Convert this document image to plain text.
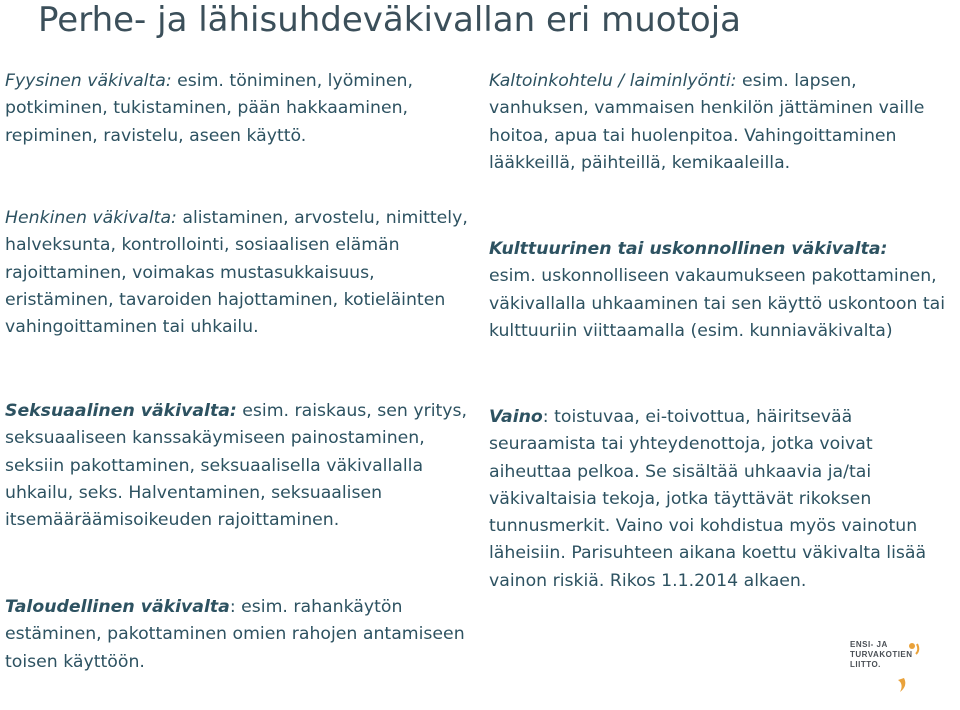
Perhe- ja lähisuhdeväkivallan eri muotoja

Fyysinen väkivalta: esim. töniminen, lyöminen, potkiminen, tukistaminen, pään hakkaaminen, repiminen, ravistelu, aseen käyttö.

Henkinen väkivalta: alistaminen, arvostelu, nimittely, halveksunta, kontrollointi, sosiaalisen elämän rajoittaminen, voimakas mustasukkaisuus, eristäminen, tavaroiden hajottaminen, kotieläinten vahingoittaminen tai uhkailu.

Seksuaalinen väkivalta: esim. raiskaus, sen yritys, seksuaaliseen kanssakäymiseen painostaminen, seksiin pakottaminen, seksuaalisella väkivallalla uhkailu, seks. Halventaminen, seksuaalisen itsemääräämisoikeuden rajoittaminen.

Taloudellinen väkivalta: esim. rahankäytön estäminen, pakottaminen omien rahojen antamiseen toisen käyttöön.

Kaltoinkohtelu / laiminlyönti: esim. lapsen, vanhuksen, vammaisen henkilön jättäminen vaille hoitoa, apua tai huolenpitoa. Vahingoittaminen lääkkeillä, päihteillä, kemikaaleilla.

Kulttuurinen tai uskonnollinen väkivalta:
esim. uskonnolliseen vakaumukseen pakottaminen, väkivallalla uhkaaminen tai sen käyttö uskontoon tai kulttuuriin viittaamalla (esim. kunniaväkivalta)

Vaino: toistuvaa, ei-toivottua, häiritsevää seuraamista tai yhteydenottoja, jotka voivat aiheuttaa pelkoa. Se sisältää uhkaavia ja/tai väkivaltaisia tekoja, jotka täyttävät rikoksen tunnusmerkit. Vaino voi kohdistua myös vainotun läheisiin. Parisuhteen aikana koettu väkivalta lisää vainon riskiä. Rikos 1.1.2014 alkaen.

ENSI- JA
TURVAKOTIEN
LIITTO.
